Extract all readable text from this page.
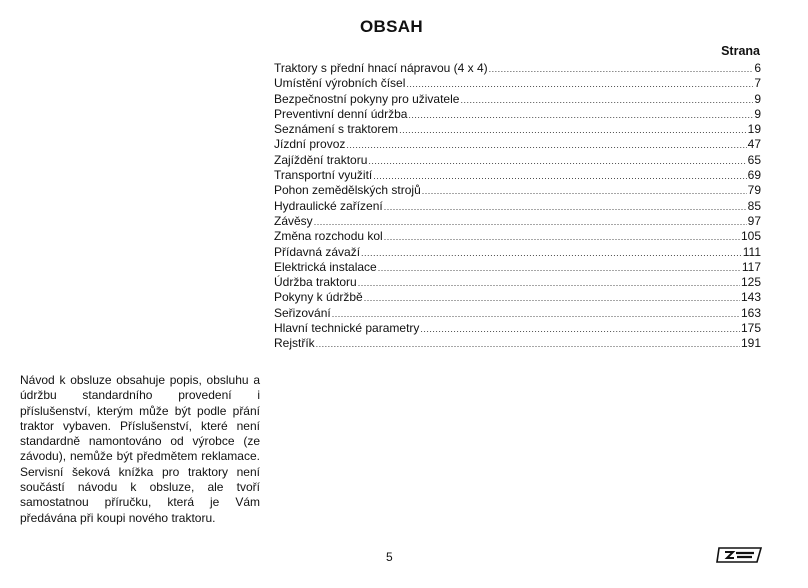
OBSAH
Strana
Traktory s přední hnací nápravou (4 x 4) .....	6
Umístění výrobních čísel .....	7
Bezpečnostní pokyny pro uživatele .....	9
Preventivní denní údržba .....	9
Seznámení s traktorem .....	19
Jízdní provoz .....	47
Zajíždění traktoru .....	65
Transportní využití .....	69
Pohon zemědělských strojů .....	79
Hydraulické zařízení .....	85
Závěsy .....	97
Změna rozchodu kol .....	105
Přídavná závaží .....	111
Elektrická instalace .....	117
Údržba traktoru .....	125
Pokyny k údržbě .....	143
Seřizování .....	163
Hlavní technické parametry .....	175
Rejstřík .....	191

Návod k obsluze obsahuje popis, obsluhu a údržbu standardního provedení i příslušenství, kterým může být podle přání traktor vybaven. Příslušenství, které není standardně namontováno od výrobce (ze závodu), nemůže být předmětem reklamace. Servisní šeková knížka pro traktory není součástí návodu k obsluze, ale tvoří samostatnou příručku, která je Vám předávána při koupi nového traktoru.

5
